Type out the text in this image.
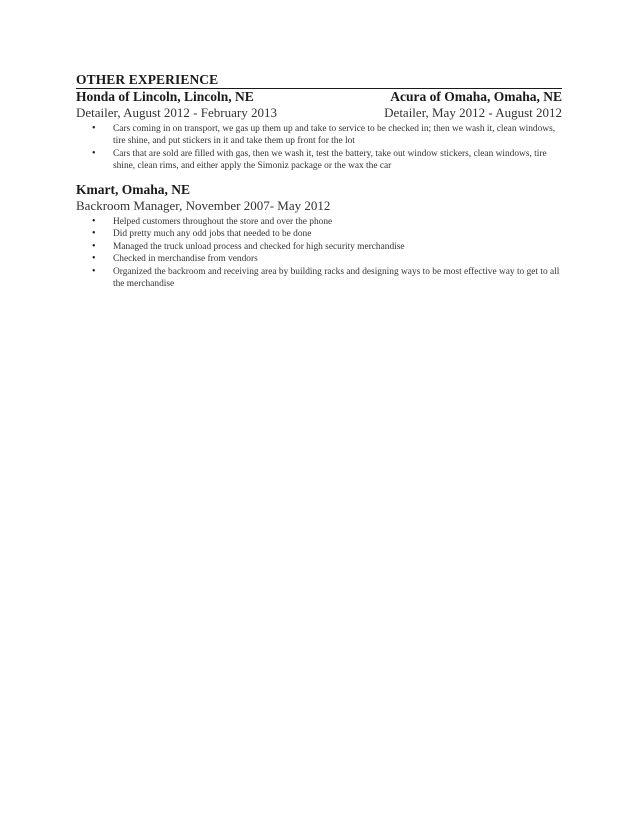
OTHER EXPERIENCE
Honda of Lincoln, Lincoln, NE	Acura of Omaha, Omaha, NE
Detailer, August 2012 - February 2013	Detailer, May 2012 - August 2012
• Cars coming in on transport, we gas up them up and take to service to be checked in; then we wash it, clean windows, tire shine, and put stickers in it and take them up front for the lot
• Cars that are sold are filled with gas, then we wash it, test the battery, take out window stickers, clean windows, tire shine, clean rims, and either apply the Simoniz package or the wax the car
Kmart, Omaha, NE
Backroom Manager, November 2007- May 2012
• Helped customers throughout the store and over the phone
• Did pretty much any odd jobs that needed to be done
• Managed the truck unload process and checked for high security merchandise
• Checked in merchandise from vendors
• Organized the backroom and receiving area by building racks and designing ways to be most effective way to get to all the merchandise
